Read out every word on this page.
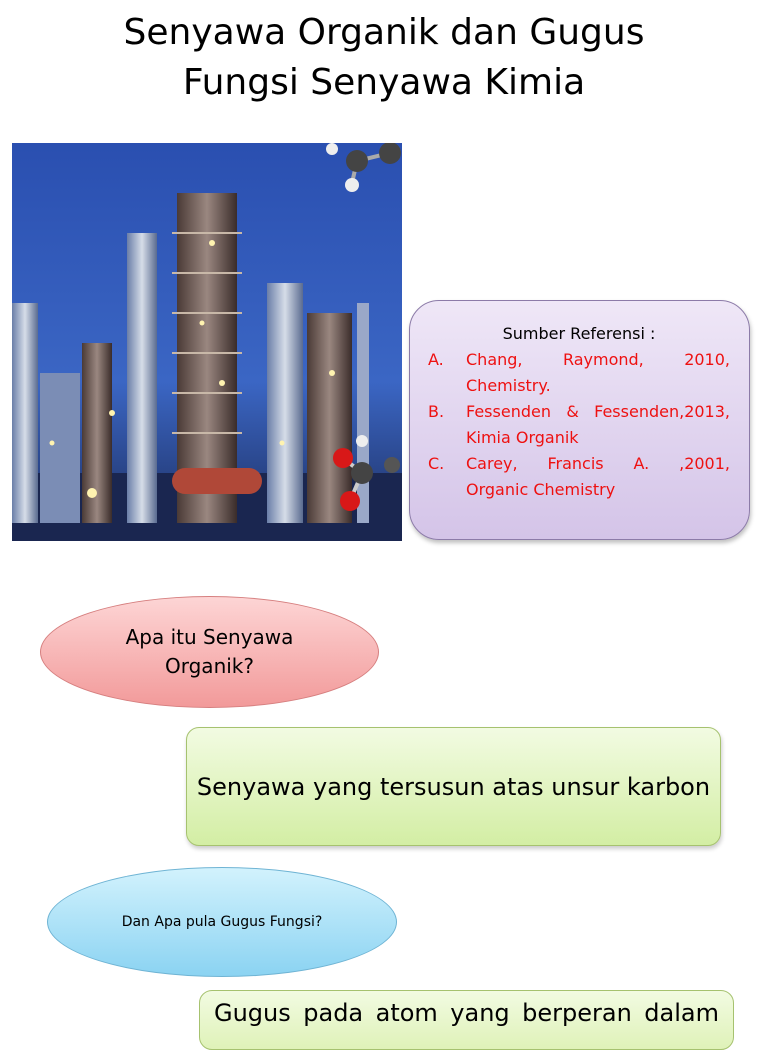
Senyawa Organik dan Gugus
Fungsi Senyawa Kimia
Sumber Referensi :
A.	Chang, Raymond, 2010,
Chemistry.
B.	Fessenden & Fessenden,2013,
Kimia Organik
C.	Carey, Francis A. ,2001,
Organic Chemistry
Apa itu Senyawa Organik?
Senyawa yang tersusun atas unsur karbon
Dan Apa pula Gugus Fungsi?
Gugus pada atom yang berperan dalam
